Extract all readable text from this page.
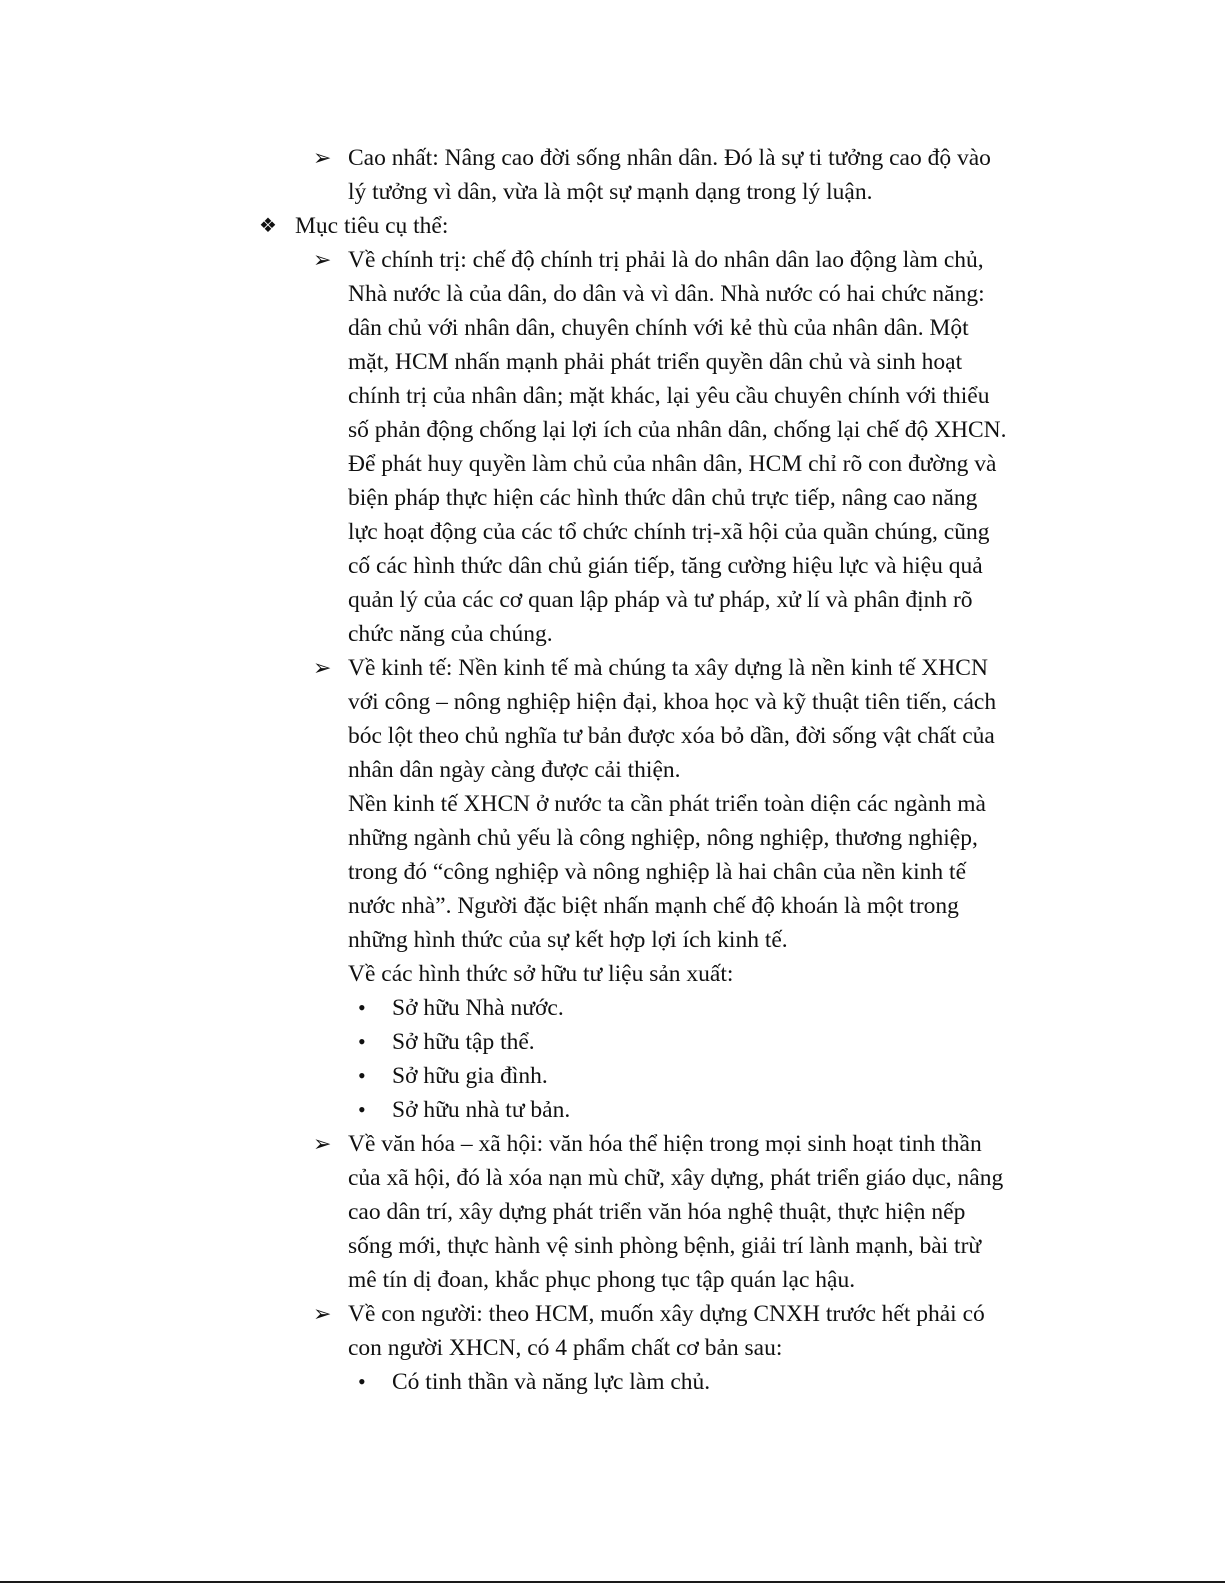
➢ Cao nhất: Nâng cao đời sống nhân dân. Đó là sự ti tưởng cao độ vào
lý tưởng vì dân, vừa là một sự mạnh dạng trong lý luận.
❖ Mục tiêu cụ thể:
➢ Về chính trị: chế độ chính trị phải là do nhân dân lao động làm chủ,
Nhà nước là của dân, do dân và vì dân. Nhà nước có hai chức năng:
dân chủ với nhân dân, chuyên chính với kẻ thù của nhân dân. Một
mặt, HCM nhấn mạnh phải phát triển quyền dân chủ và sinh hoạt
chính trị của nhân dân; mặt khác, lại yêu cầu chuyên chính với thiểu
số phản động chống lại lợi ích của nhân dân, chống lại chế độ XHCN.
Để phát huy quyền làm chủ của nhân dân, HCM chỉ rõ con đường và
biện pháp thực hiện các hình thức dân chủ trực tiếp, nâng cao năng
lực hoạt động của các tổ chức chính trị-xã hội của quần chúng, cũng
cố các hình thức dân chủ gián tiếp, tăng cường hiệu lực và hiệu quả
quản lý của các cơ quan lập pháp và tư pháp, xử lí và phân định rõ
chức năng của chúng.
➢ Về kinh tế: Nền kinh tế mà chúng ta xây dựng là nền kinh tế XHCN
với công – nông nghiệp hiện đại, khoa học và kỹ thuật tiên tiến, cách
bóc lột theo chủ nghĩa tư bản được xóa bỏ dần, đời sống vật chất của
nhân dân ngày càng được cải thiện.
Nền kinh tế XHCN ở nước ta cần phát triển toàn diện các ngành mà
những ngành chủ yếu là công nghiệp, nông nghiệp, thương nghiệp,
trong đó “công nghiệp và nông nghiệp là hai chân của nền kinh tế
nước nhà”. Người đặc biệt nhấn mạnh chế độ khoán là một trong
những hình thức của sự kết hợp lợi ích kinh tế.
Về các hình thức sở hữu tư liệu sản xuất:
• Sở hữu Nhà nước.
• Sở hữu tập thể.
• Sở hữu gia đình.
• Sở hữu nhà tư bản.
➢ Về văn hóa – xã hội: văn hóa thể hiện trong mọi sinh hoạt tinh thần
của xã hội, đó là xóa nạn mù chữ, xây dựng, phát triển giáo dục, nâng
cao dân trí, xây dựng phát triển văn hóa nghệ thuật, thực hiện nếp
sống mới, thực hành vệ sinh phòng bệnh, giải trí lành mạnh, bài trừ
mê tín dị đoan, khắc phục phong tục tập quán lạc hậu.
➢ Về con người: theo HCM, muốn xây dựng CNXH trước hết phải có
con người XHCN, có 4 phẩm chất cơ bản sau:
• Có tinh thần và năng lực làm chủ.
